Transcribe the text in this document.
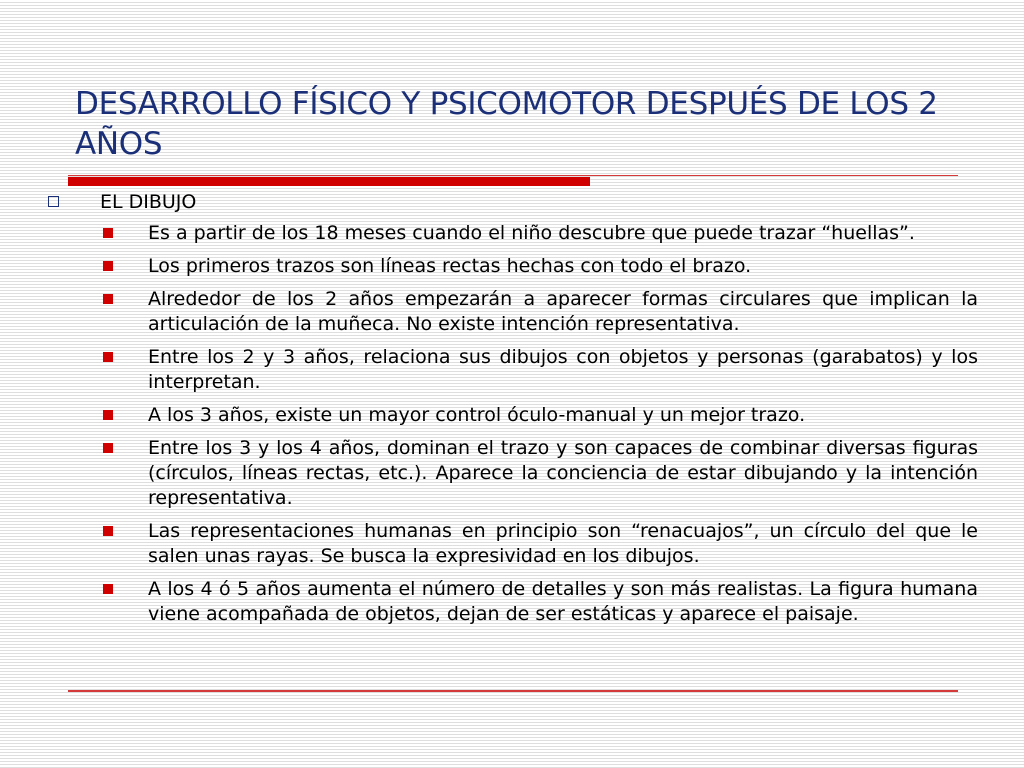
DESARROLLO FÍSICO Y PSICOMOTOR DESPUÉS DE LOS 2 AÑOS
EL DIBUJO
Es a partir de los 18 meses cuando el niño descubre que puede trazar “huellas”.
Los primeros trazos son líneas rectas hechas con todo el brazo.
Alrededor de los 2 años empezarán a aparecer formas circulares que implican la articulación de la muñeca. No existe intención representativa.
Entre los 2 y 3 años, relaciona sus dibujos con objetos y personas (garabatos) y los interpretan.
A los 3 años, existe un mayor control óculo-manual y un mejor trazo.
Entre los 3 y los 4 años, dominan el trazo y son capaces de combinar diversas figuras (círculos, líneas rectas, etc.). Aparece la conciencia de estar dibujando y la intención representativa.
Las representaciones humanas en principio son “renacuajos”, un círculo del que le salen unas rayas. Se busca la expresividad en los dibujos.
A los 4 ó 5 años aumenta el número de detalles y son más realistas. La figura humana viene acompañada de objetos, dejan de ser estáticas y aparece el paisaje.
